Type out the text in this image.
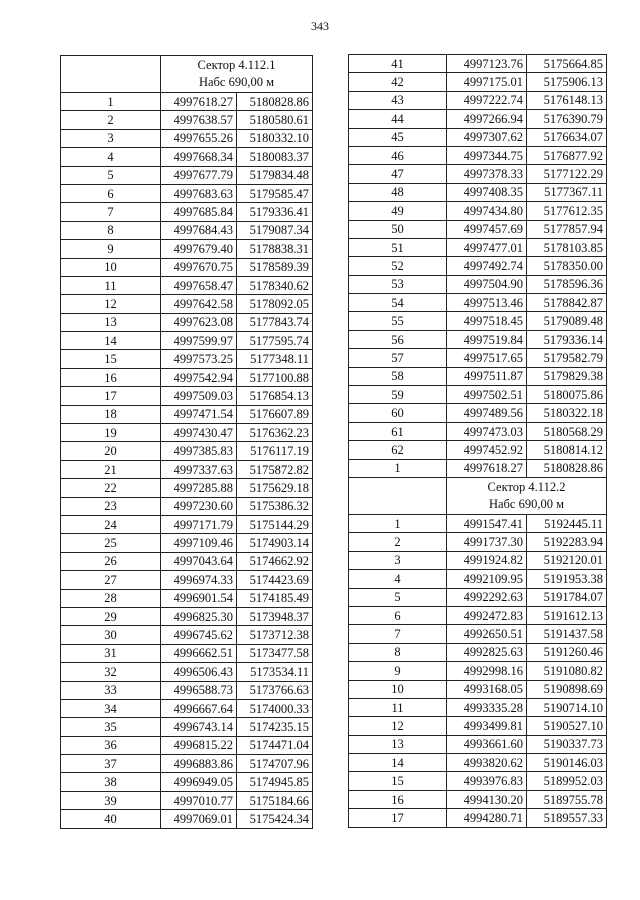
343

	Сектор 4.112.1
Набс 690,00 м	

1	4997618.27	5180828.86
2	4997638.57	5180580.61
3	4997655.26	5180332.10
4	4997668.34	5180083.37
5	4997677.79	5179834.48
6	4997683.63	5179585.47
7	4997685.84	5179336.41
8	4997684.43	5179087.34
9	4997679.40	5178838.31
10	4997670.75	5178589.39
11	4997658.47	5178340.62
12	4997642.58	5178092.05
13	4997623.08	5177843.74
14	4997599.97	5177595.74
15	4997573.25	5177348.11
16	4997542.94	5177100.88
17	4997509.03	5176854.13
18	4997471.54	5176607.89
19	4997430.47	5176362.23
20	4997385.83	5176117.19
21	4997337.63	5175872.82
22	4997285.88	5175629.18
23	4997230.60	5175386.32
24	4997171.79	5175144.29
25	4997109.46	5174903.14
26	4997043.64	5174662.92
27	4996974.33	5174423.69
28	4996901.54	5174185.49
29	4996825.30	5173948.37
30	4996745.62	5173712.38
31	4996662.51	5173477.58
32	4996506.43	5173534.11
33	4996588.73	5173766.63
34	4996667.64	5174000.33
35	4996743.14	5174235.15
36	4996815.22	5174471.04
37	4996883.86	5174707.96
38	4996949.05	5174945.85
39	4997010.77	5175184.66
40	4997069.01	5175424.34
41	4997123.76	5175664.85
42	4997175.01	5175906.13
43	4997222.74	5176148.13
44	4997266.94	5176390.79
45	4997307.62	5176634.07
46	4997344.75	5176877.92
47	4997378.33	5177122.29
48	4997408.35	5177367.11
49	4997434.80	5177612.35
50	4997457.69	5177857.94
51	4997477.01	5178103.85
52	4997492.74	5178350.00
53	4997504.90	5178596.36
54	4997513.46	5178842.87
55	4997518.45	5179089.48
56	4997519.84	5179336.14
57	4997517.65	5179582.79
58	4997511.87	5179829.38
59	4997502.51	5180075.86
60	4997489.56	5180322.18
61	4997473.03	5180568.29
62	4997452.92	5180814.12
1	4997618.27	5180828.86

	Сектор 4.112.2
Набс 690,00 м	

1	4991547.41	5192445.11
2	4991737.30	5192283.94
3	4991924.82	5192120.01
4	4992109.95	5191953.38
5	4992292.63	5191784.07
6	4992472.83	5191612.13
7	4992650.51	5191437.58
8	4992825.63	5191260.46
9	4992998.16	5191080.82
10	4993168.05	5190898.69
11	4993335.28	5190714.10
12	4993499.81	5190527.10
13	4993661.60	5190337.73
14	4993820.62	5190146.03
15	4993976.83	5189952.03
16	4994130.20	5189755.78
17	4994280.71	5189557.33
